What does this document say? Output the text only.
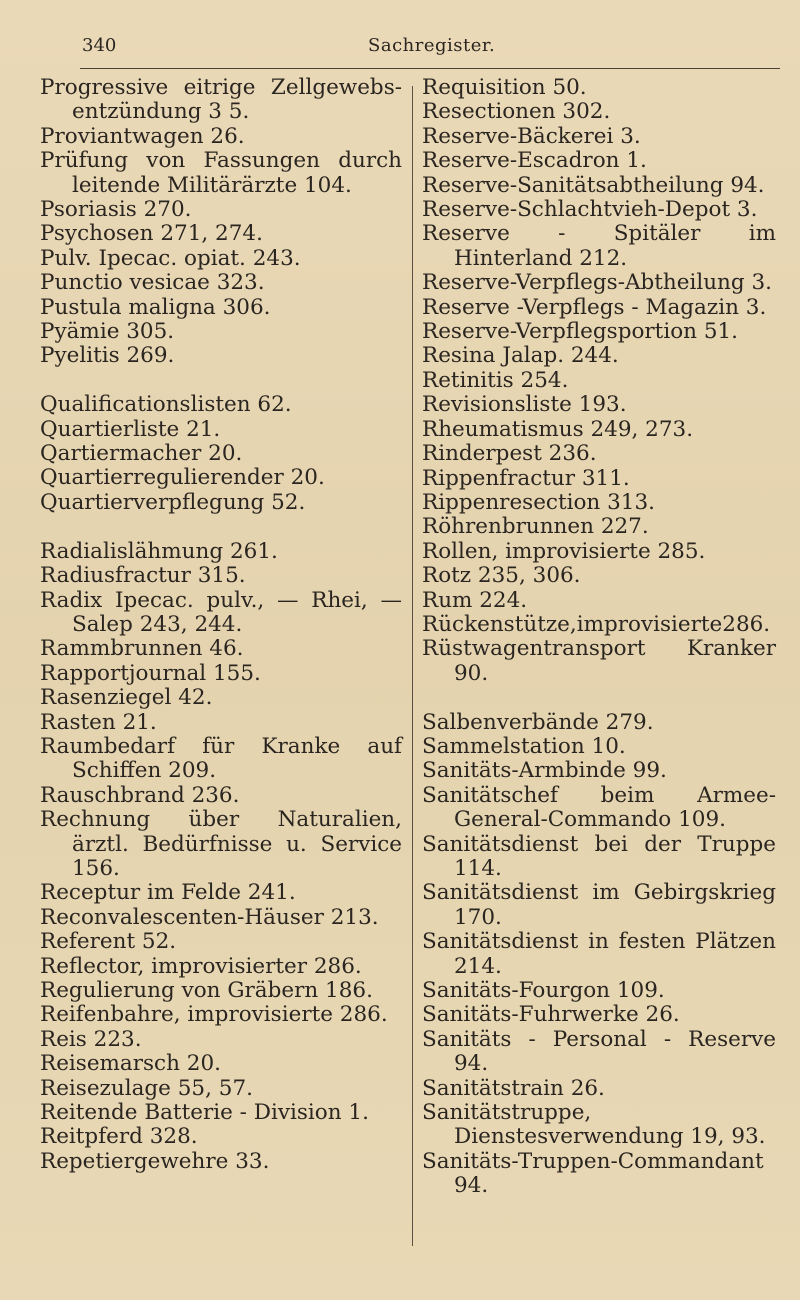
340	Sachregister.
Progressive eitrige Zellgewebs-entzündung 3 5.
Proviantwagen 26.
Prüfung von Fassungen durch leitende Militärärzte 104.
Psoriasis 270.
Psychosen 271, 274.
Pulv. Ipecac. opiat. 243.
Punctio vesicae 323.
Pustula maligna 306.
Pyämie 305.
Pyelitis 269.
Qualificationslisten 62.
Quartierliste 21.
Qartiermacher 20.
Quartierregulierender 20.
Quartierverpflegung 52.
Radialislähmung 261.
Radiusfractur 315.
Radix Ipecac. pulv., — Rhei, — Salep 243, 244.
Rammbrunnen 46.
Rapportjournal 155.
Rasenziegel 42.
Rasten 21.
Raumbedarf für Kranke auf Schiffen 209.
Rauschbrand 236.
Rechnung über Naturalien, ärztl. Bedürfnisse u. Service 156.
Receptur im Felde 241.
Reconvalescenten-Häuser 213.
Referent 52.
Reflector, improvisierter 286.
Regulierung von Gräbern 186.
Reifenbahre, improvisierte 286.
Reis 223.
Reisemarsch 20.
Reisezulage 55, 57.
Reitende Batterie - Division 1.
Reitpferd 328.
Repetiergewehre 33.
Requisition 50.
Resectionen 302.
Reserve-Bäckerei 3.
Reserve-Escadron 1.
Reserve-Sanitätsabtheilung 94.
Reserve-Schlachtvieh-Depot 3.
Reserve - Spitäler im Hinterland 212.
Reserve-Verpflegs-Abtheilung 3.
Reserve -Verpflegs - Magazin 3.
Reserve-Verpflegsportion 51.
Resina Jalap. 244.
Retinitis 254.
Revisionsliste 193.
Rheumatismus 249, 273.
Rinderpest 236.
Rippenfractur 311.
Rippenresection 313.
Röhrenbrunnen 227.
Rollen, improvisierte 285.
Rotz 235, 306.
Rum 224.
Rückenstütze,improvisierte286.
Rüstwagentransport Kranker 90.
Salbenverbände 279.
Sammelstation 10.
Sanitäts-Armbinde 99.
Sanitätschef beim Armee-General-Commando 109.
Sanitätsdienst bei der Truppe 114.
Sanitätsdienst im Gebirgskrieg 170.
Sanitätsdienst in festen Plätzen 214.
Sanitäts-Fourgon 109.
Sanitäts-Fuhrwerke 26.
Sanitäts - Personal - Reserve 94.
Sanitätstrain 26.
Sanitätstruppe, Dienstesverwendung 19, 93.
Sanitäts-Truppen-Commandant 94.
